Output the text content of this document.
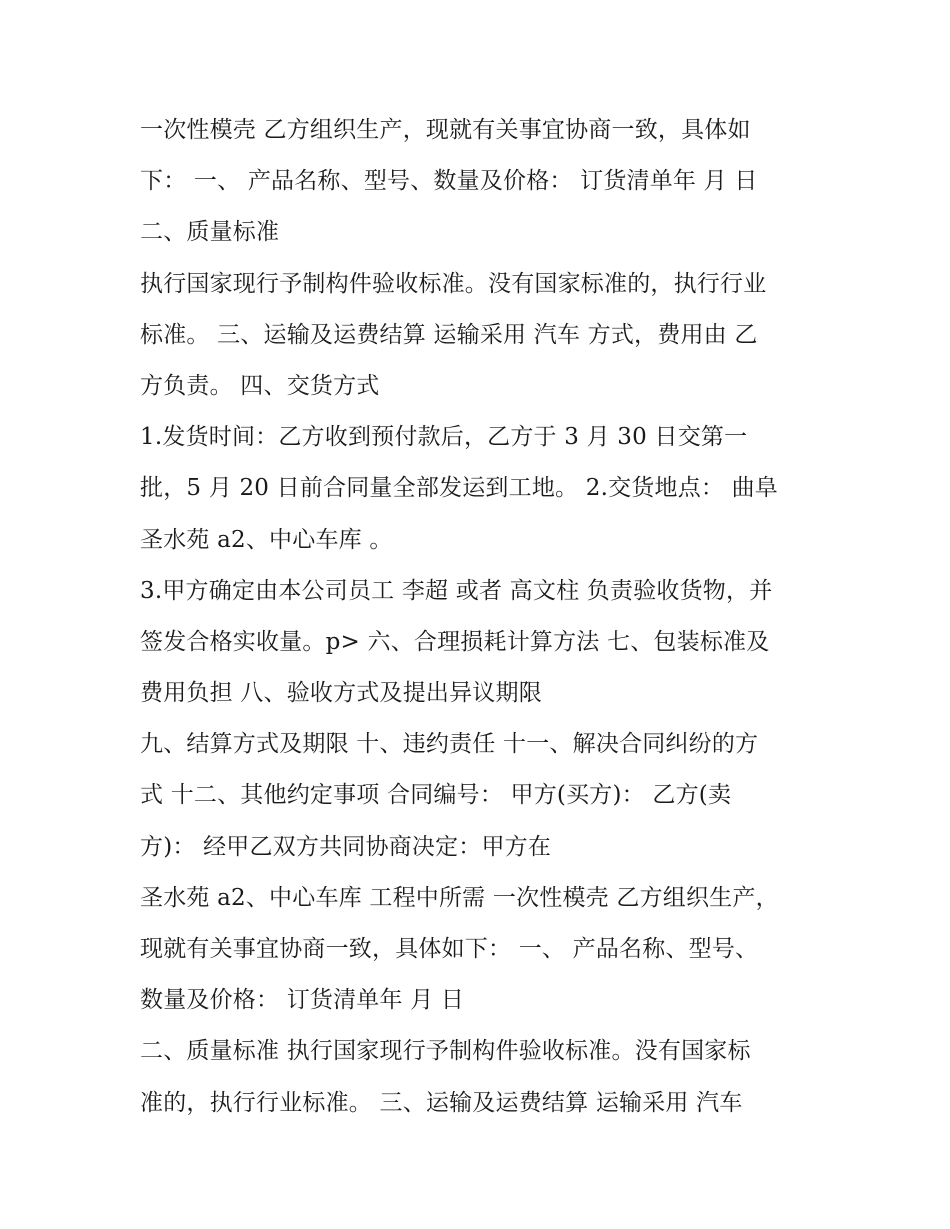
一次性模壳 乙方组织生产，现就有关事宜协商一致，具体如
下： 一、 产品名称、型号、数量及价格： 订货清单年 月 日
二、质量标准
执行国家现行予制构件验收标准。没有国家标准的，执行行业
标准。 三、运输及运费结算 运输采用 汽车 方式，费用由 乙
方负责。 四、交货方式
1.发货时间：乙方收到预付款后，乙方于 3 月 30 日交第一
批，5 月 20 日前合同量全部发运到工地。 2.交货地点： 曲阜
圣水苑 a2、中心车库 。
3.甲方确定由本公司员工 李超 或者 高文柱 负责验收货物，并
签发合格实收量。p> 六、合理损耗计算方法 七、包装标准及
费用负担 八、验收方式及提出异议期限
九、结算方式及期限 十、违约责任 十一、解决合同纠纷的方
式 十二、其他约定事项 合同编号： 甲方(买方)： 乙方(卖
方)： 经甲乙双方共同协商决定：甲方在
圣水苑 a2、中心车库 工程中所需 一次性模壳 乙方组织生产，
现就有关事宜协商一致，具体如下： 一、 产品名称、型号、
数量及价格： 订货清单年 月 日
二、质量标准 执行国家现行予制构件验收标准。没有国家标
准的，执行行业标准。 三、运输及运费结算 运输采用 汽车
